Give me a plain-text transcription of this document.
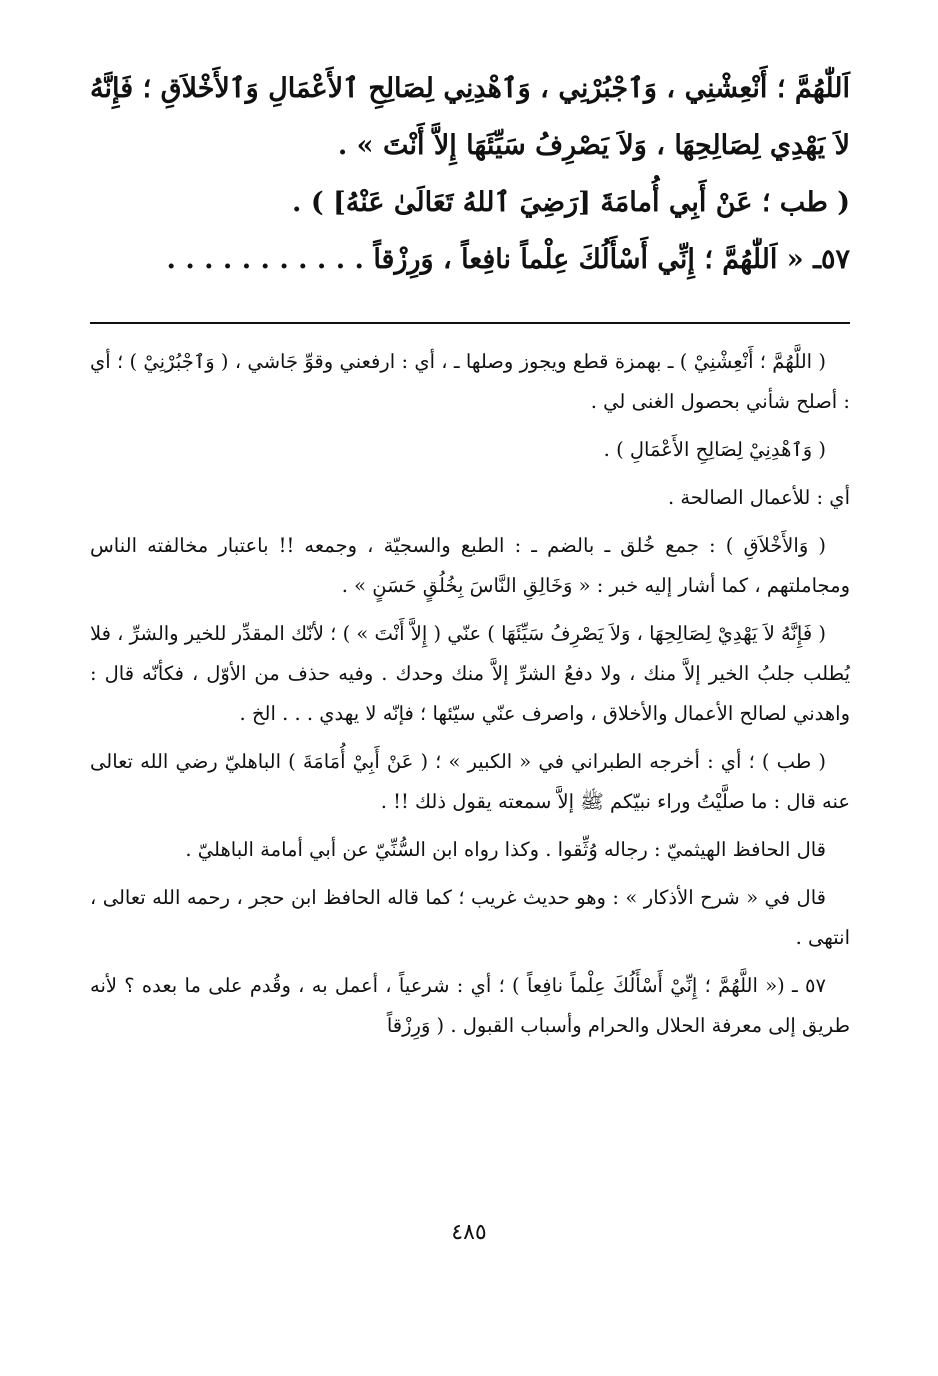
اَللّٰهُمَّ ؛ أَنْعِشْنِي ، وَٱجْبُرْنِي ، وَٱهْدِنِي لِصَالِحِ ٱلأَعْمَالِ وَٱلأَخْلاَقِ ؛ فَإِنَّهُ لاَ يَهْدِي لِصَالِحِهَا ، وَلاَ يَصْرِفُ سَيِّئَهَا إِلاَّ أَنْتَ » .

( طب ؛ عَنْ أَبِي أُمامَةَ [رَضِيَ ٱللهُ تَعَالَىٰ عَنْهُ] ) .

٥٧ـ « اَللّٰهُمَّ ؛ إِنِّي أَسْأَلُكَ عِلْماً نافِعاً ، وَرِزْقاً . . . . . . . . . . .

( اللَّهُمَّ ؛ أَنْعِشْنِيْ ) ـ بهمزة قطع ويجوز وصلها ـ ، أي : ارفعني وقوِّ جَاشي ، ( وَٱجْبُرْنِيْ ) ؛ أي : أصلح شأني بحصول الغنى لي .

( وَٱهْدِنِيْ لِصَالِحِ الأَعْمَالِ ) .

أي : للأعمال الصالحة .

( وَالأَخْلاَقِ ) : جمع خُلق ـ بالضم ـ : الطبع والسجيّة ، وجمعه !! باعتبار مخالفته الناس ومجاملتهم ، كما أشار إليه خبر : « وَخَالِقِ النَّاسَ بِخُلُقٍ حَسَنٍ » .

( فَإِنَّهُ لاَ يَهْدِيْ لِصَالِحِهَا ، وَلاَ يَصْرِفُ سَيِّئَهَا ) عنّي ( إِلاَّ أَنْتَ » ) ؛ لأنّك المقدِّر للخير والشرِّ ، فلا يُطلب جلبُ الخير إلاَّ منك ، ولا دفعُ الشرِّ إلاَّ منك وحدك . وفيه حذف من الأوّل ، فكأنّه قال : واهدني لصالح الأعمال والأخلاق ، واصرف عنّي سيّئها ؛ فإنّه لا يهدي . . . الخ .

( طب ) ؛ أي : أخرجه الطبراني في « الكبير » ؛ ( عَنْ أَبِيْ أُمَامَةَ ) الباهليّ رضي الله تعالى عنه قال : ما صلَّيْتُ وراء نبيّكم ﷺ إلاَّ سمعته يقول ذلك !! .

قال الحافظ الهيثميّ : رجاله وُثِّقوا . وكذا رواه ابن السُّنِّيّ عن أبي أمامة الباهليّ .

قال في « شرح الأذكار » : وهو حديث غريب ؛ كما قاله الحافظ ابن حجر ، رحمه الله تعالى ، انتهى .

٥٧ ـ (« اللَّهُمَّ ؛ إِنِّيْ أَسْأَلُكَ عِلْماً نافِعاً ) ؛ أي : شرعياً ، أعمل به ، وقُدم على ما بعده ؟ لأنه طريق إلى معرفة الحلال والحرام وأسباب القبول . ( وَرِزْقاً

٤٨٥
